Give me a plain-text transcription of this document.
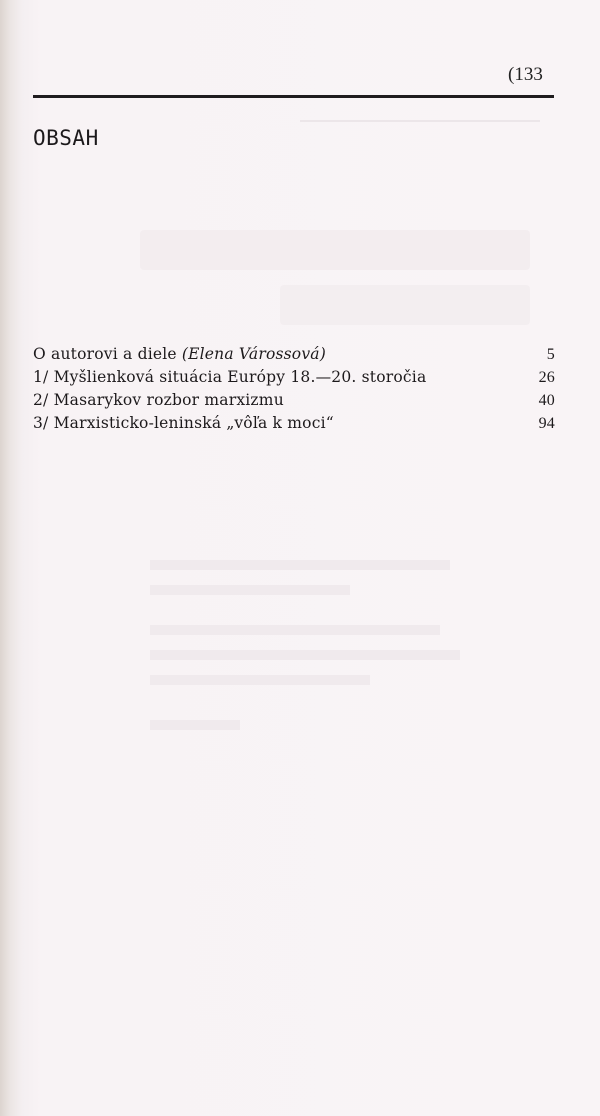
(133
OBSAH
O autorovi a diele (Elena Várossová)	5
1/ Myšlienková situácia Európy 18.—20. storočia	26
2/ Masarykov rozbor marxizmu	40
3/ Marxisticko-leninská „vôľa k moci“	94
